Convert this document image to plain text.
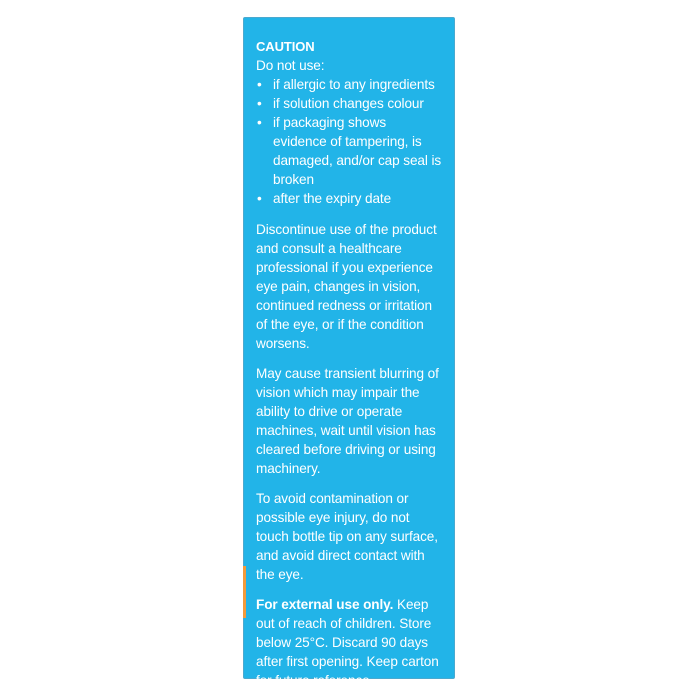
CAUTION

Do not use:

• if allergic to any ingredients
• if solution changes colour
• if packaging shows evidence of tampering, is damaged, and/or cap seal is broken
• after the expiry date

Discontinue use of the product and consult a healthcare professional if you experience eye pain, changes in vision, continued redness or irritation of the eye, or if the condition worsens.

May cause transient blurring of vision which may impair the ability to drive or operate machines, wait until vision has cleared before driving or using machinery.

To avoid contamination or possible eye injury, do not touch bottle tip on any surface, and avoid direct contact with the eye.

For external use only. Keep out of reach of children. Store below 25°C. Discard 90 days after first opening. Keep carton for future reference.
